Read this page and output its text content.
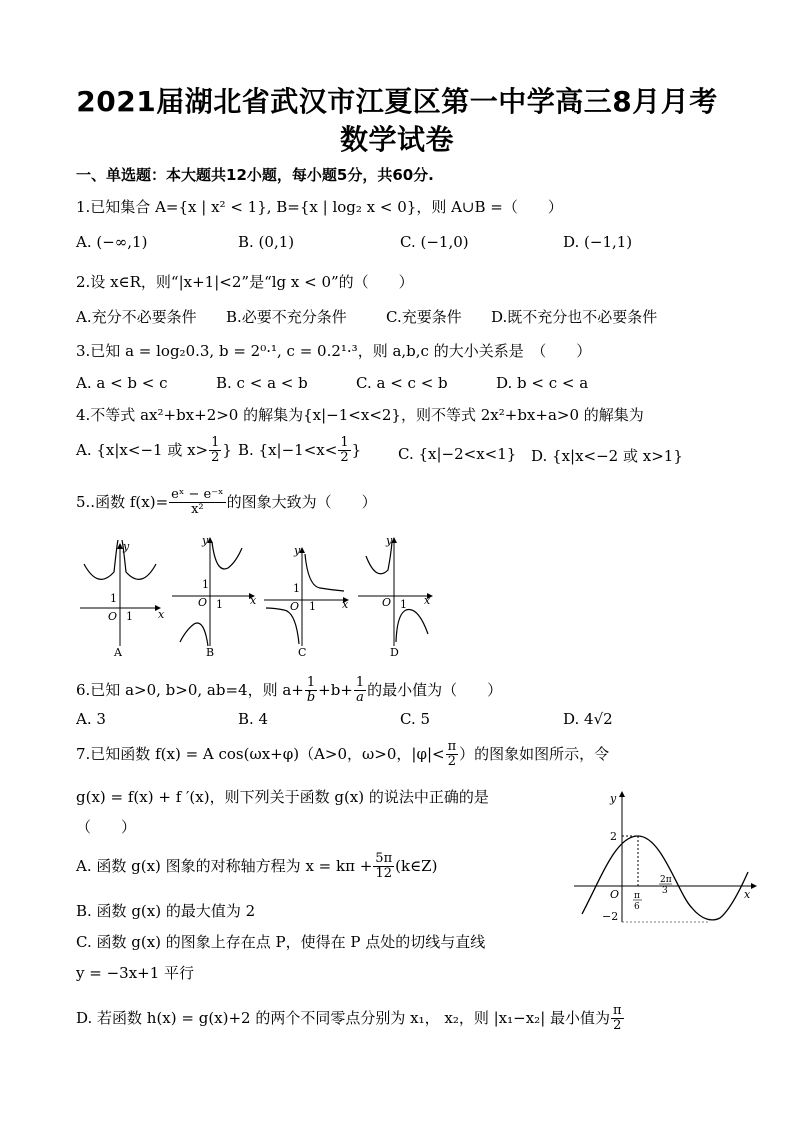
2021届湖北省武汉市江夏区第一中学高三8月月考
数学试卷
一、单选题：本大题共12小题，每小题5分，共60分.
1.已知集合 A={x | x² < 1}, B={x | log₂ x < 0}，则 A∪B =（　　）
A. (−∞,1)	B. (0,1)	C. (−1,0)	D. (−1,1)
2.设 x∈R，则“|x+1|<2”是“lg x < 0”的（　　）
A.充分不必要条件 B.必要不充分条件	C.充要条件 D.既不充分也不必要条件
3.已知 a = log₂0.3, b = 2⁰·¹, c = 0.2¹·³，则 a,b,c 的大小关系是　（　　）
A. a < b < c	B. c < a < b	C. a < c < b	D. b < c < a
4.不等式 ax²+bx+2>0 的解集为{x|−1<x<2}，则不等式 2x²+bx+a>0 的解集为
A. {x|x<−1 或 $x> \frac{1}{2}$ } B. {$x|-1<x< \frac{1}{2}$ } C. {x|−2<x<1} D. {x|x<−2 或 x>1}
5..函数 $f(x)= \frac{\text{eˣ − e⁻ˣ}}{\text{x²}}$ 的图象大致为（　　）
y
x
O
1
1
A
y
x
O
1
1
B
y
x
O
1
1
C
y
x
O 1
D
6.已知 a>0, b>0, ab=4，则 $a+ \frac{1}{b} +b+ \frac{1}{a}$ 的最小值为（　　）
A. 3	B. 4	C. 5	D. 4√2
7.已知函数 f(x) = A cos(ωx+φ)（A>0，ω>0，$|\varphi|< \frac{\pi}{2}$ ）的图象如图所示，令
g(x) = f(x) + f ′(x)，则下列关于函数 g(x) 的说法中正确的是
（　　）
A. 函数 g(x) 图象的对称轴方程为 $x = k\pi + \frac{5\pi}{12}$ (k∈Z)
B. 函数 g(x) 的最大值为 2
C. 函数 g(x) 的图象上存在点 P，使得在 P 点处的切线与直线
y = −3x+1 平行
D. 若函数 h(x) = g(x)+2 的两个不同零点分别为 x₁， x₂，则 |x₁−x₂| 最小值为 $\frac{\pi}{2}$
y
x
O
2
−2
π
6
2π
3
